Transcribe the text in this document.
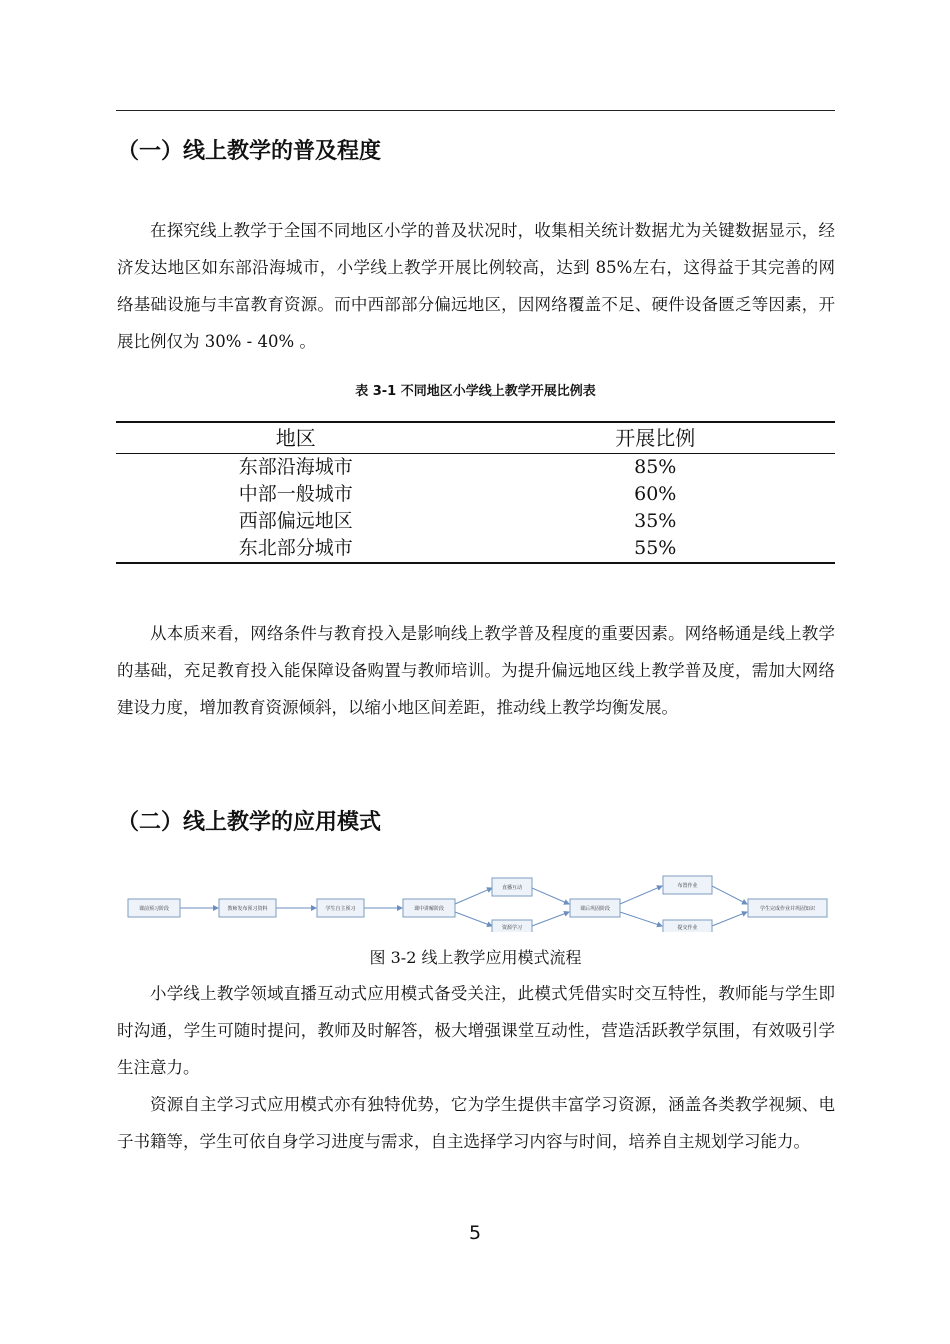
（一）线上教学的普及程度

在探究线上教学于全国不同地区小学的普及状况时，收集相关统计数据尤为关键数据显示，经济发达地区如东部沿海城市，小学线上教学开展比例较高，达到 85%左右，这得益于其完善的网络基础设施与丰富教育资源。而中西部部分偏远地区，因网络覆盖不足、硬件设备匮乏等因素，开展比例仅为 30% - 40% 。

表 3-1 不同地区小学线上教学开展比例表
地区	开展比例
东部沿海城市	85%
中部一般城市	60%
西部偏远地区	35%
东北部分城市	55%

从本质来看，网络条件与教育投入是影响线上教学普及程度的重要因素。网络畅通是线上教学的基础，充足教育投入能保障设备购置与教师培训。为提升偏远地区线上教学普及度，需加大网络建设力度，增加教育资源倾斜，以缩小地区间差距，推动线上教学均衡发展。

（二）线上教学的应用模式
课前预习阶段	教师发布预习资料	学生自主预习	课中讲解阶段
直播互动
资源学习
课后巩固阶段
布置作业
提交作业
学生完成作业并巩固知识
图 3-2 线上教学应用模式流程

小学线上教学领域直播互动式应用模式备受关注，此模式凭借实时交互特性，教师能与学生即时沟通，学生可随时提问，教师及时解答，极大增强课堂互动性，营造活跃教学氛围，有效吸引学生注意力。

资源自主学习式应用模式亦有独特优势，它为学生提供丰富学习资源，涵盖各类教学视频、电子书籍等，学生可依自身学习进度与需求，自主选择学习内容与时间，培养自主规划学习能力。

5
